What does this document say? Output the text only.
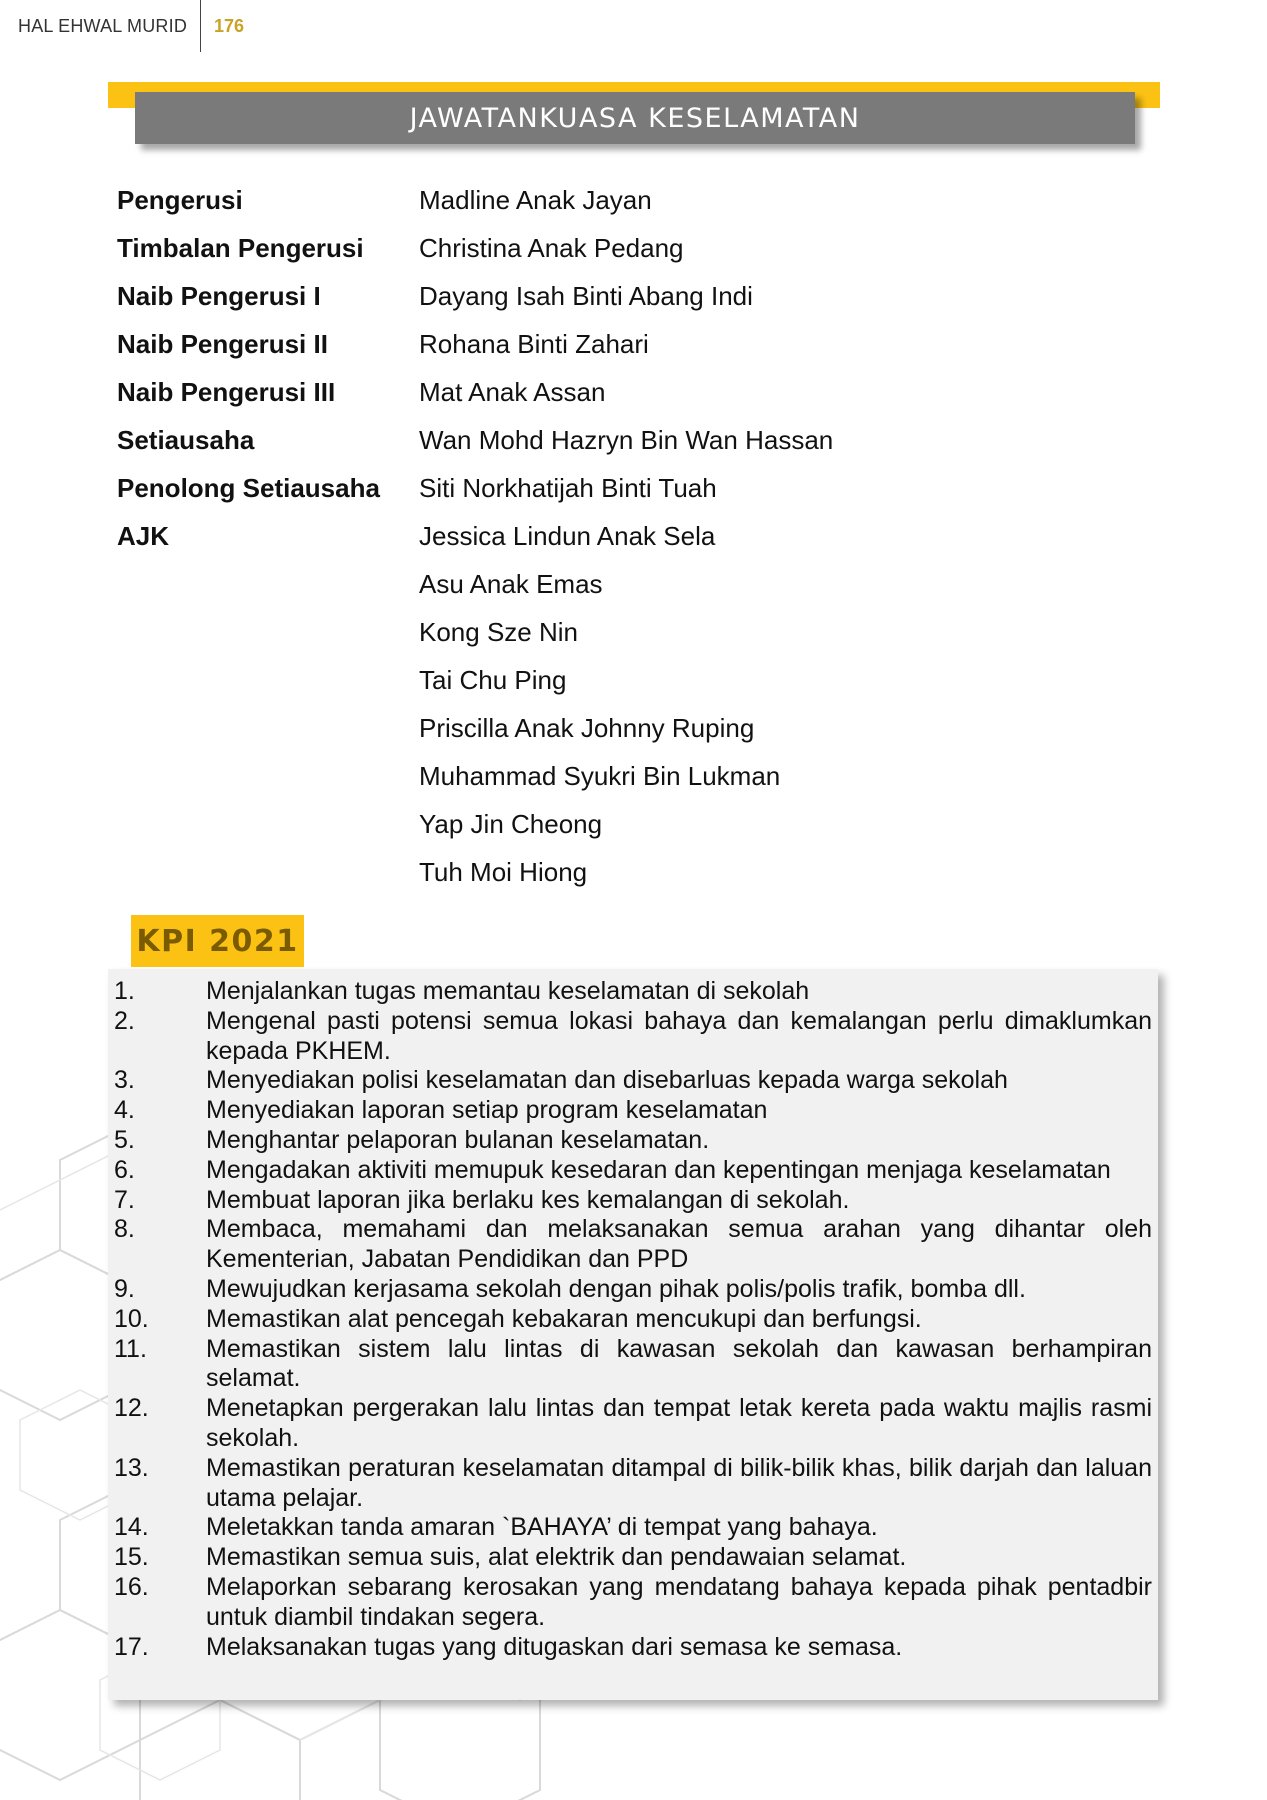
HAL EHWAL MURID 176
JAWATANKUASA KESELAMATAN
Pengerusi	Madline Anak Jayan
Timbalan Pengerusi	Christina Anak Pedang
Naib Pengerusi I	Dayang Isah Binti Abang Indi
Naib Pengerusi II	Rohana Binti Zahari
Naib Pengerusi III	Mat Anak Assan
Setiausaha	Wan Mohd Hazryn Bin Wan Hassan
Penolong Setiausaha	Siti Norkhatijah Binti Tuah
AJK	Jessica Lindun Anak Sela
Asu Anak Emas
Kong Sze Nin
Tai Chu Ping
Priscilla Anak Johnny Ruping
Muhammad Syukri Bin Lukman
Yap Jin Cheong
Tuh Moi Hiong
KPI 2021
1.	Menjalankan tugas memantau keselamatan di sekolah
2.	Mengenal pasti potensi semua lokasi bahaya dan kemalangan perlu dimaklumkan kepada PKHEM.
3.	Menyediakan polisi keselamatan dan disebarluas kepada warga sekolah
4.	Menyediakan laporan setiap program keselamatan
5.	Menghantar pelaporan bulanan keselamatan.
6.	Mengadakan aktiviti memupuk kesedaran dan kepentingan menjaga keselamatan
7.	Membuat laporan jika berlaku kes kemalangan di sekolah.
8.	Membaca, memahami dan melaksanakan semua arahan yang dihantar oleh Kementerian, Jabatan Pendidikan dan PPD
9.	Mewujudkan kerjasama sekolah dengan pihak polis/polis trafik, bomba dll.
10.	Memastikan alat pencegah kebakaran mencukupi dan berfungsi.
11.	Memastikan sistem lalu lintas di kawasan sekolah dan kawasan berhampiran selamat.
12.	Menetapkan pergerakan lalu lintas dan tempat letak kereta pada waktu majlis rasmi sekolah.
13.	Memastikan peraturan keselamatan ditampal di bilik-bilik khas, bilik darjah dan laluan utama pelajar.
14.	Meletakkan tanda amaran `BAHAYA’ di tempat yang bahaya.
15.	Memastikan semua suis, alat elektrik dan pendawaian selamat.
16.	Melaporkan sebarang kerosakan yang mendatang bahaya kepada pihak pentadbir untuk diambil tindakan segera.
17.	Melaksanakan tugas yang ditugaskan dari semasa ke semasa.
